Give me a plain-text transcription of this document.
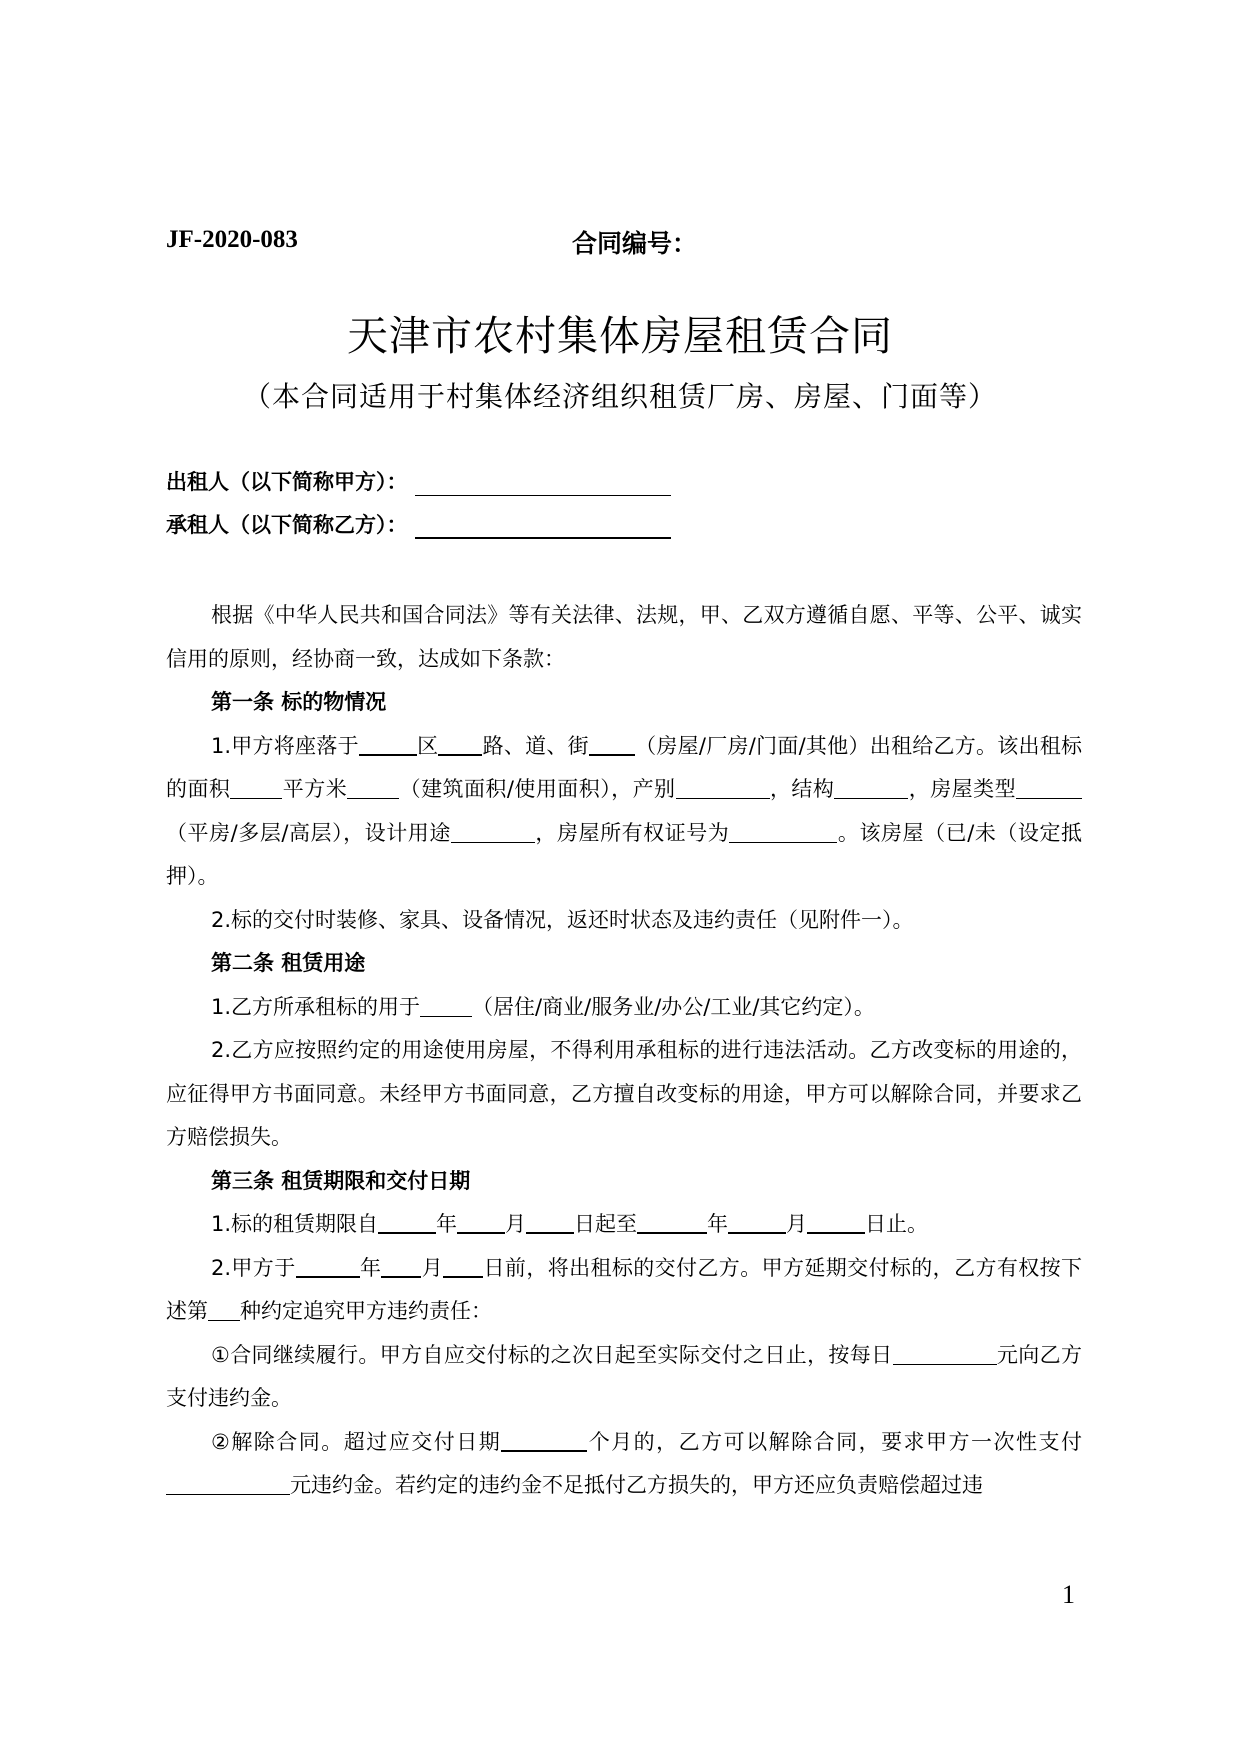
JF-2020-083	合同编号：
天津市农村集体房屋租赁合同
（本合同适用于村集体经济组织租赁厂房、房屋、门面等）
出租人（以下简称甲方）：
承租人（以下简称乙方）：

根据《中华人民共和国合同法》等有关法律、法规，甲、乙双方遵循自愿、平等、公平、诚实信用的原则，经协商一致，达成如下条款：

第一条 标的物情况

1.甲方将座落于	区 路、道、街 （房屋/厂房/门面/其他）出租给乙方。该出租标的面积 平方米 （建筑面积/使用面积），产别	，结构	，房屋类型（平房/多层/高层），设计用途	，房屋所有权证号为	。该房屋（已/未（设定抵押）。

2.标的交付时装修、家具、设备情况，返还时状态及违约责任（见附件一）。

第二条 租赁用途

1.乙方所承租标的用于 （居住/商业/服务业/办公/工业/其它约定）。

2.乙方应按照约定的用途使用房屋，不得利用承租标的进行违法活动。乙方改变标的用途的，应征得甲方书面同意。未经甲方书面同意，乙方擅自改变标的用途，甲方可以解除合同，并要求乙方赔偿损失。

第三条 租赁期限和交付日期

1.标的租赁期限自	年 月 日起至	年	月	日止。

2.甲方于	年 月 日前，将出租标的交付乙方。甲方延期交付标的，乙方有权按下述第 种约定追究甲方违约责任：

①合同继续履行。甲方自应交付标的之次日起至实际交付之日止，按每日	元向乙方支付违约金。

②解除合同。超过应交付日期	个月的，乙方可以解除合同，要求甲方一次性支付元违约金。若约定的违约金不足抵付乙方损失的，甲方还应负责赔偿超过违

1
